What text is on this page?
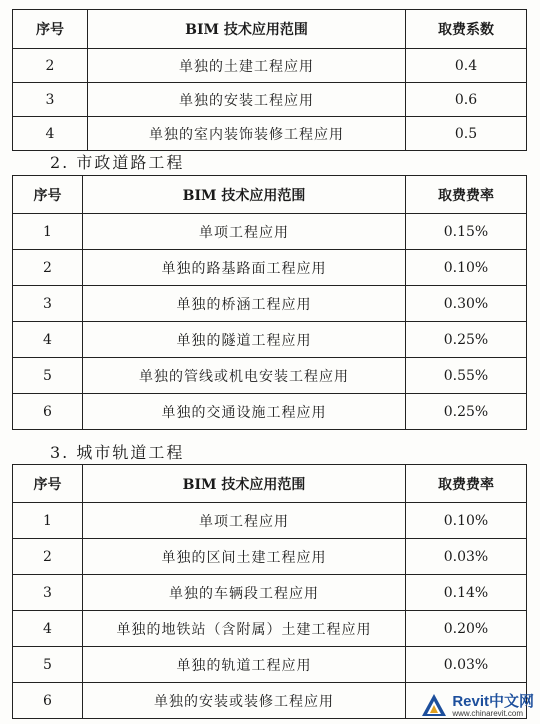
序号	BIM 技术应用范围	取费系数
2	单独的土建工程应用	0.4
3	单独的安装工程应用	0.6
4	单独的室内装饰装修工程应用	0.5
2. 市政道路工程
序号	BIM 技术应用范围	取费费率
1	单项工程应用	0.15%
2	单独的路基路面工程应用	0.10%
3	单独的桥涵工程应用	0.30%
4	单独的隧道工程应用	0.25%
5	单独的管线或机电安装工程应用	0.55%
6	单独的交通设施工程应用	0.25%
3. 城市轨道工程
序号	BIM 技术应用范围	取费费率
1	单项工程应用	0.10%
2	单独的区间土建工程应用	0.03%
3	单独的车辆段工程应用	0.14%
4	单独的地铁站（含附属）土建工程应用	0.20%
5	单独的轨道工程应用	0.03%
6	单独的安装或装修工程应用		Revit中文网
www.chinarevit.com
